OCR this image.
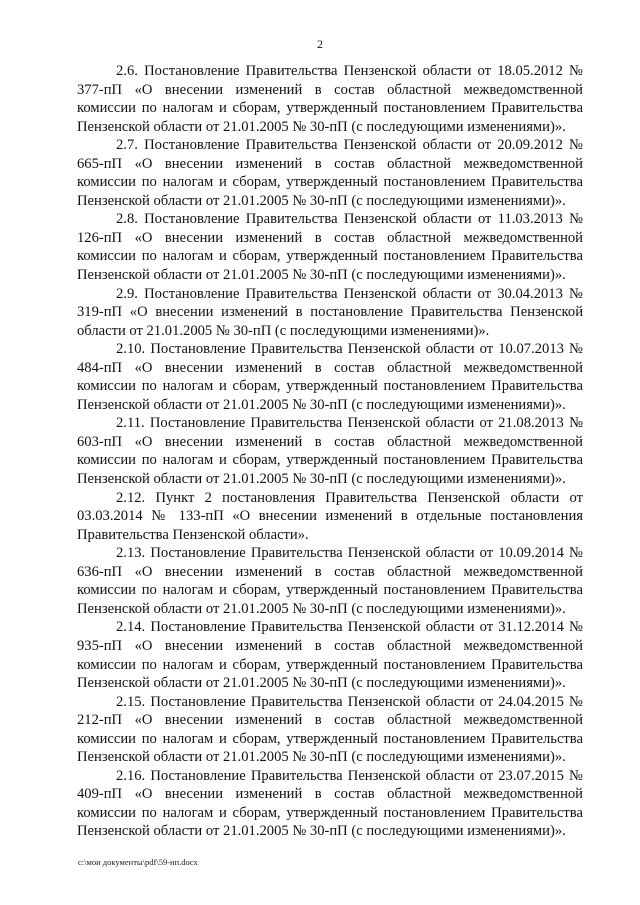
2

2.6. Постановление Правительства Пензенской области от 18.05.2012 № 377-пП «О внесении изменений в состав областной межведомственной комиссии по налогам и сборам, утвержденный постановлением Правительства Пензенской области от 21.01.2005 № 30-пП (с последующими изменениями)».

2.7. Постановление Правительства Пензенской области от 20.09.2012 № 665-пП «О внесении изменений в состав областной межведомственной комиссии по налогам и сборам, утвержденный постановлением Правительства Пензенской области от 21.01.2005 № 30-пП (с последующими изменениями)».

2.8. Постановление Правительства Пензенской области от 11.03.2013 № 126-пП «О внесении изменений в состав областной межведомственной комиссии по налогам и сборам, утвержденный постановлением Правительства Пензенской области от 21.01.2005 № 30-пП (с последующими изменениями)».

2.9. Постановление Правительства Пензенской области от 30.04.2013 № 319-пП «О внесении изменений в постановление Правительства Пензенской области от 21.01.2005 № 30-пП (с последующими изменениями)».

2.10. Постановление Правительства Пензенской области от 10.07.2013 № 484-пП «О внесении изменений в состав областной межведомственной комиссии по налогам и сборам, утвержденный постановлением Правительства Пензенской области от 21.01.2005 № 30-пП (с последующими изменениями)».

2.11. Постановление Правительства Пензенской области от 21.08.2013 № 603-пП «О внесении изменений в состав областной межведомственной комиссии по налогам и сборам, утвержденный постановлением Правительства Пензенской области от 21.01.2005 № 30-пП (с последующими изменениями)».

2.12. Пункт 2 постановления Правительства Пензенской области от 03.03.2014 № 133-пП «О внесении изменений в отдельные постановления Правительства Пензенской области».

2.13. Постановление Правительства Пензенской области от 10.09.2014 № 636-пП «О внесении изменений в состав областной межведомственной комиссии по налогам и сборам, утвержденный постановлением Правительства Пензенской области от 21.01.2005 № 30-пП (с последующими изменениями)».

2.14. Постановление Правительства Пензенской области от 31.12.2014 № 935-пП «О внесении изменений в состав областной межведомственной комиссии по налогам и сборам, утвержденный постановлением Правительства Пензенской области от 21.01.2005 № 30-пП (с последующими изменениями)».

2.15. Постановление Правительства Пензенской области от 24.04.2015 № 212-пП «О внесении изменений в состав областной межведомственной комиссии по налогам и сборам, утвержденный постановлением Правительства Пензенской области от 21.01.2005 № 30-пП (с последующими изменениями)».

2.16. Постановление Правительства Пензенской области от 23.07.2015 № 409-пП «О внесении изменений в состав областной межведомственной комиссии по налогам и сборам, утвержденный постановлением Правительства Пензенской области от 21.01.2005 № 30-пП (с последующими изменениями)».

c:\мои документы\pdf\59-ип.docx
